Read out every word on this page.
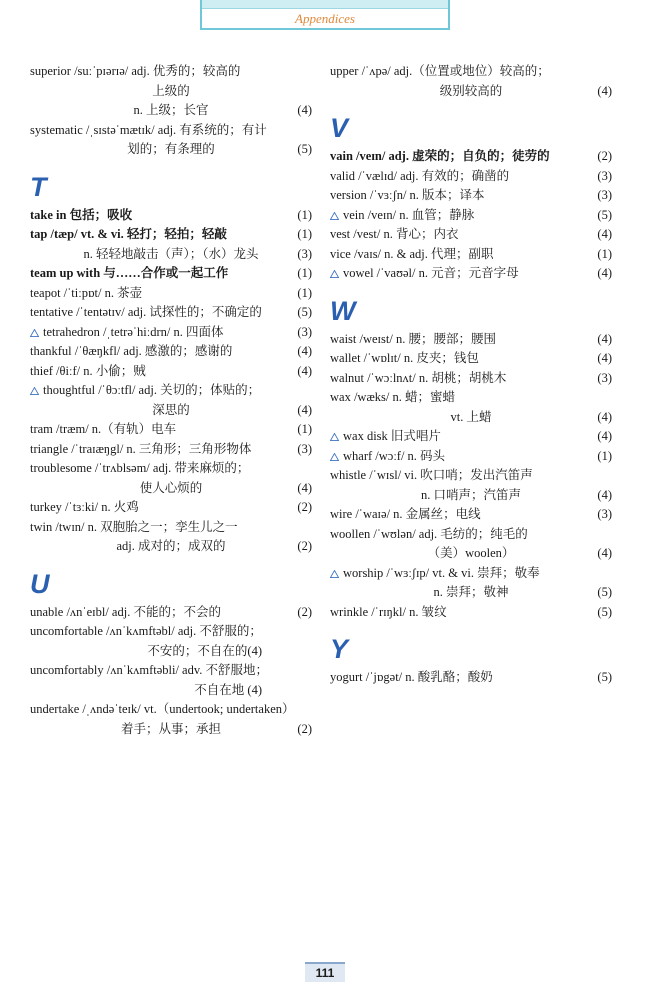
Appendices
superior /suːˈpɪərɪə/ adj. 优秀的；较高的
上级的
n. 上级；长官	(4)
systematic /ˌsɪstəˈmætɪk/ adj. 有系统的；有计
划的；有条理的	(5)
T
take in 包括；吸收	(1)
tap /tæp/ vt. & vi. 轻打；轻拍；轻敲	(1)
n. 轻轻地敲击（声）；（水）龙头	(3)
team up with 与……合作或一起工作	(1)
teapot /ˈtiːpɒt/ n. 茶壶	(1)
tentative /ˈtentətɪv/ adj. 试探性的；不确定的	(5)
tetrahedron /ˌtetrəˈhiːdrn/ n. 四面体	(3)
thankful /ˈθæŋkfl/ adj. 感激的；感谢的	(4)
thief /θiːf/ n. 小偷；贼	(4)
thoughtful /ˈθɔːtfl/ adj. 关切的；体贴的；
深思的	(4)
tram /træm/ n.（有轨）电车	(1)
triangle /ˈtraɪæŋgl/ n. 三角形；三角形物体	(3)
troublesome /ˈtrʌblsəm/ adj. 带来麻烦的；
使人心烦的	(4)
turkey /ˈtɜːki/ n. 火鸡	(2)
twin /twɪn/ n. 双胞胎之一；孪生儿之一
adj. 成对的；成双的	(2)
U
unable /ʌnˈeɪbl/ adj. 不能的；不会的	(2)
uncomfortable /ʌnˈkʌmftəbl/ adj. 不舒服的；
不安的；不自在的(4)
uncomfortably /ʌnˈkʌmftəbli/ adv. 不舒服地；
不自在地 (4)
undertake /ˌʌndəˈteɪk/ vt.（undertook; undertaken）
着手；从事；承担	(2)
upper /ˈʌpə/ adj.（位置或地位）较高的；
级别较高的	(4)
V
vain /veɪn/ adj. 虚荣的；自负的；徒劳的	(2)
valid /ˈvælɪd/ adj. 有效的；确凿的	(3)
version /ˈvɜːʃn/ n. 版本；译本	(3)
vein /veɪn/ n. 血管；静脉	(5)
vest /vest/ n. 背心；内衣	(4)
vice /vaɪs/ n. & adj. 代理；副职	(1)
vowel /ˈvaʊəl/ n. 元音；元音字母	(4)
W
waist /weɪst/ n. 腰；腰部；腰围	(4)
wallet /ˈwɒlɪt/ n. 皮夹；钱包	(4)
walnut /ˈwɔːlnʌt/ n. 胡桃；胡桃木	(3)
wax /wæks/ n. 蜡；蜜蜡
vt. 上蜡	(4)
wax disk 旧式唱片	(4)
wharf /wɔːf/ n. 码头	(1)
whistle /ˈwɪsl/ vi. 吹口哨；发出汽笛声
n. 口哨声；汽笛声	(4)
wire /ˈwaɪə/ n. 金属丝；电线	(3)
woollen /ˈwʊlən/ adj. 毛纺的；纯毛的
（美）woolen）	(4)
worship /ˈwɜːʃɪp/ vt. & vi. 崇拜；敬奉
n. 崇拜；敬神	(5)
wrinkle /ˈrɪŋkl/ n. 皱纹	(5)
Y
yogurt /ˈjɒgət/ n. 酸乳酪；酸奶	(5)
111
